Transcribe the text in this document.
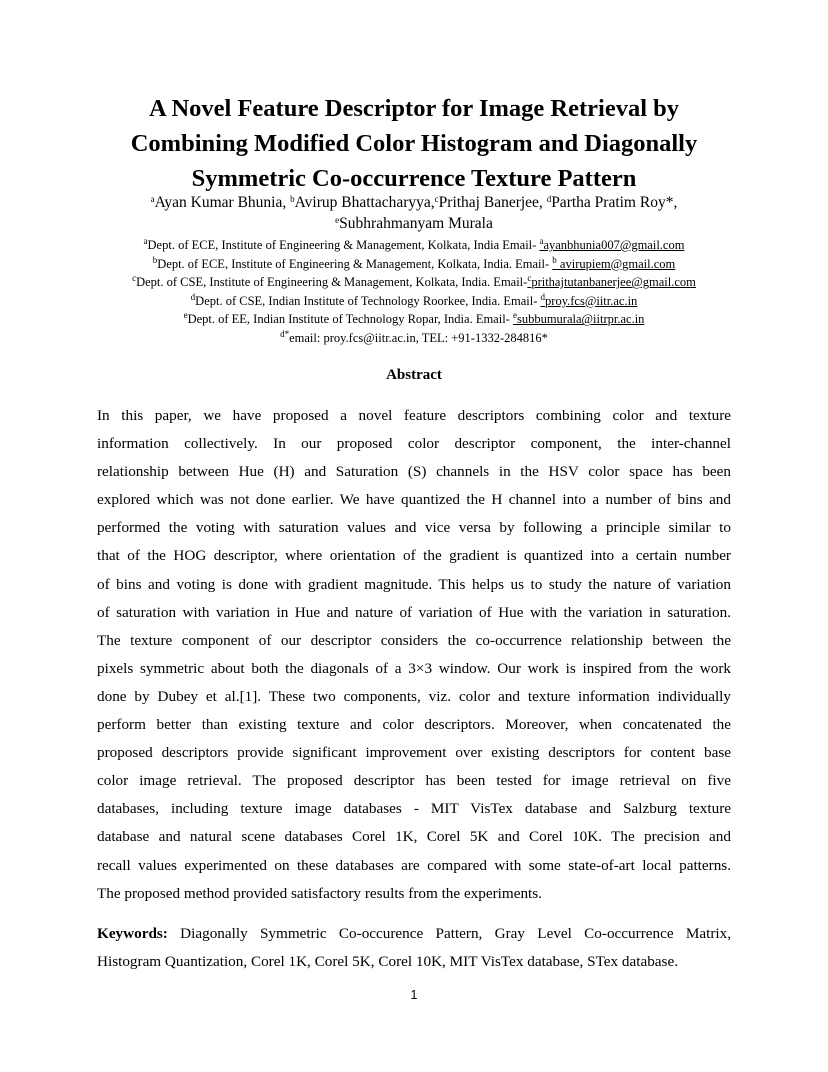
A Novel Feature Descriptor for Image Retrieval by
Combining Modified Color Histogram and Diagonally
Symmetric Co-occurrence Texture Pattern
$^a$Ayan Kumar Bhunia, $^b$Avirup Bhattacharyya,$^c$Prithaj Banerjee, $^d$Partha Pratim Roy*,
$^e$Subhrahmanyam Murala
$^a$Dept. of ECE, Institute of Engineering & Management, Kolkata, India Email- $^a$ayanbhunia007@gmail.com
$^b$Dept. of ECE, Institute of Engineering & Management, Kolkata, India. Email- $^b$ avirupiem@gmail.com
$^c$Dept. of CSE, Institute of Engineering & Management, Kolkata, India. Email-$^c$prithajtutanbanerjee@gmail.com
$^d$Dept. of CSE, Indian Institute of Technology Roorkee, India. Email- $^d$proy.fcs@iitr.ac.in
$^e$Dept. of EE, Indian Institute of Technology Ropar, India. Email- $^e$subbumurala@iitrpr.ac.in
$^{d*}$email: proy.fcs@iitr.ac.in, TEL: +91-1332-284816*
Abstract
In this paper, we have proposed a novel feature descriptors combining color and texture
information collectively. In our proposed color descriptor component, the inter-channel
relationship between Hue (H) and Saturation (S) channels in the HSV color space has been
explored which was not done earlier. We have quantized the H channel into a number of bins and
performed the voting with saturation values and vice versa by following a principle similar to
that of the HOG descriptor, where orientation of the gradient is quantized into a certain number
of bins and voting is done with gradient magnitude. This helps us to study the nature of variation
of saturation with variation in Hue and nature of variation of Hue with the variation in saturation.
The texture component of our descriptor considers the co-occurrence relationship between the
pixels symmetric about both the diagonals of a 3×3 window. Our work is inspired from the work
done by Dubey et al.[1]. These two components, viz. color and texture information individually
perform better than existing texture and color descriptors. Moreover, when concatenated the
proposed descriptors provide significant improvement over existing descriptors for content base
color image retrieval. The proposed descriptor has been tested for image retrieval on five
databases, including texture image databases - MIT VisTex database and Salzburg texture
database and natural scene databases Corel 1K, Corel 5K and Corel 10K. The precision and
recall values experimented on these databases are compared with some state-of-art local patterns.
The proposed method provided satisfactory results from the experiments.
Keywords: Diagonally Symmetric Co-occurence Pattern, Gray Level Co-occurrence Matrix,
Histogram Quantization, Corel 1K, Corel 5K, Corel 10K, MIT VisTex database, STex database.
1
